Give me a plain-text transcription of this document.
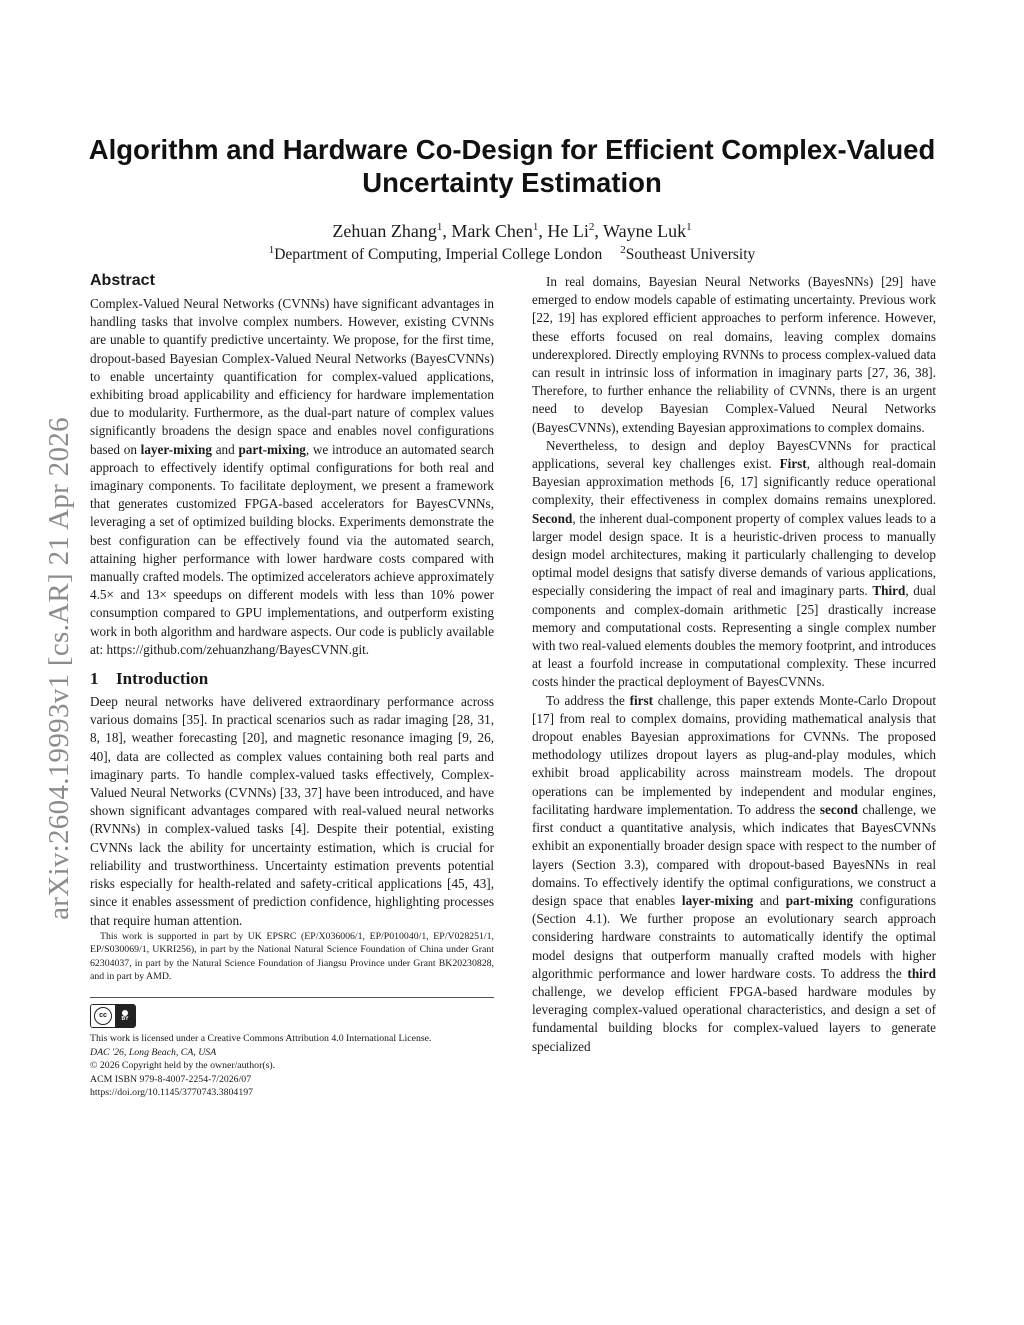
arXiv:2604.19993v1 [cs.AR] 21 Apr 2026
Algorithm and Hardware Co-Design for Efficient Complex-Valued
Uncertainty Estimation
Zehuan Zhang$^1$, Mark Chen$^1$, He Li$^2$, Wayne Luk$^1$
$^1$Department of Computing, Imperial College London $^2$Southeast University
Abstract

Complex-Valued Neural Networks (CVNNs) have significant advantages in handling tasks that involve complex numbers. However, existing CVNNs are unable to quantify predictive uncertainty. We propose, for the first time, dropout-based Bayesian Complex-Valued Neural Networks (BayesCVNNs) to enable uncertainty quantification for complex-valued applications, exhibiting broad applicability and efficiency for hardware implementation due to modularity. Furthermore, as the dual-part nature of complex values significantly broadens the design space and enables novel configurations based on layer-mixing and part-mixing, we introduce an automated search approach to effectively identify optimal configurations for both real and imaginary components. To facilitate deployment, we present a framework that generates customized FPGA-based accelerators for BayesCVNNs, leveraging a set of optimized building blocks. Experiments demonstrate the best configuration can be effectively found via the automated search, attaining higher performance with lower hardware costs compared with manually crafted models. The optimized accelerators achieve approximately 4.5× and 13× speedups on different models with less than 10% power consumption compared to GPU implementations, and outperform existing work in both algorithm and hardware aspects. Our code is publicly available at: https://github.com/zehuanzhang/BayesCVNN.git.

1 Introduction

Deep neural networks have delivered extraordinary performance across various domains [35]. In practical scenarios such as radar imaging [28, 31, 8, 18], weather forecasting [20], and magnetic resonance imaging [9, 26, 40], data are collected as complex values containing both real parts and imaginary parts. To handle complex-valued tasks effectively, Complex-Valued Neural Networks (CVNNs) [33, 37] have been introduced, and have shown significant advantages compared with real-valued neural networks (RVNNs) in complex-valued tasks [4]. Despite their potential, existing CVNNs lack the ability for uncertainty estimation, which is crucial for reliability and trustworthiness. Uncertainty estimation prevents potential risks especially for health-related and safety-critical applications [45, 43], since it enables assessment of prediction confidence, highlighting processes that require human attention.

This work is supported in part by UK EPSRC (EP/X036006/1, EP/P010040/1, EP/V028251/1, EP/S030069/1, UKRI256), in part by the National Natural Science Foundation of China under Grant 62304037, in part by the Natural Science Foundation of Jiangsu Province under Grant BK20230828, and in part by AMD.

cc	BY
This work is licensed under a Creative Commons Attribution 4.0 International License.
DAC '26, Long Beach, CA, USA
© 2026 Copyright held by the owner/author(s).
ACM ISBN 979-8-4007-2254-7/2026/07
https://doi.org/10.1145/3770743.3804197

In real domains, Bayesian Neural Networks (BayesNNs) [29] have emerged to endow models capable of estimating uncertainty. Previous work [22, 19] has explored efficient approaches to perform inference. However, these efforts focused on real domains, leaving complex domains underexplored. Directly employing RVNNs to process complex-valued data can result in intrinsic loss of information in imaginary parts [27, 36, 38]. Therefore, to further enhance the reliability of CVNNs, there is an urgent need to develop Bayesian Complex-Valued Neural Networks (BayesCVNNs), extending Bayesian approximations to complex domains.

Nevertheless, to design and deploy BayesCVNNs for practical applications, several key challenges exist. First, although real-domain Bayesian approximation methods [6, 17] significantly reduce operational complexity, their effectiveness in complex domains remains unexplored. Second, the inherent dual-component property of complex values leads to a larger model design space. It is a heuristic-driven process to manually design model architectures, making it particularly challenging to develop optimal model designs that satisfy diverse demands of various applications, especially considering the impact of real and imaginary parts. Third, dual components and complex-domain arithmetic [25] drastically increase memory and computational costs. Representing a single complex number with two real-valued elements doubles the memory footprint, and introduces at least a fourfold increase in computational complexity. These incurred costs hinder the practical deployment of BayesCVNNs.

To address the first challenge, this paper extends Monte-Carlo Dropout [17] from real to complex domains, providing mathematical analysis that dropout enables Bayesian approximations for CVNNs. The proposed methodology utilizes dropout layers as plug-and-play modules, which exhibit broad applicability across mainstream models. The dropout operations can be implemented by independent and modular engines, facilitating hardware implementation. To address the second challenge, we first conduct a quantitative analysis, which indicates that BayesCVNNs exhibit an exponentially broader design space with respect to the number of layers (Section 3.3), compared with dropout-based BayesNNs in real domains. To effectively identify the optimal configurations, we construct a design space that enables layer-mixing and part-mixing configurations (Section 4.1). We further propose an evolutionary search approach considering hardware constraints to automatically identify the optimal model designs that outperform manually crafted models with higher algorithmic performance and lower hardware costs. To address the third challenge, we develop efficient FPGA-based hardware modules by leveraging complex-valued operational characteristics, and design a set of fundamental building blocks for complex-valued layers to generate specialized
